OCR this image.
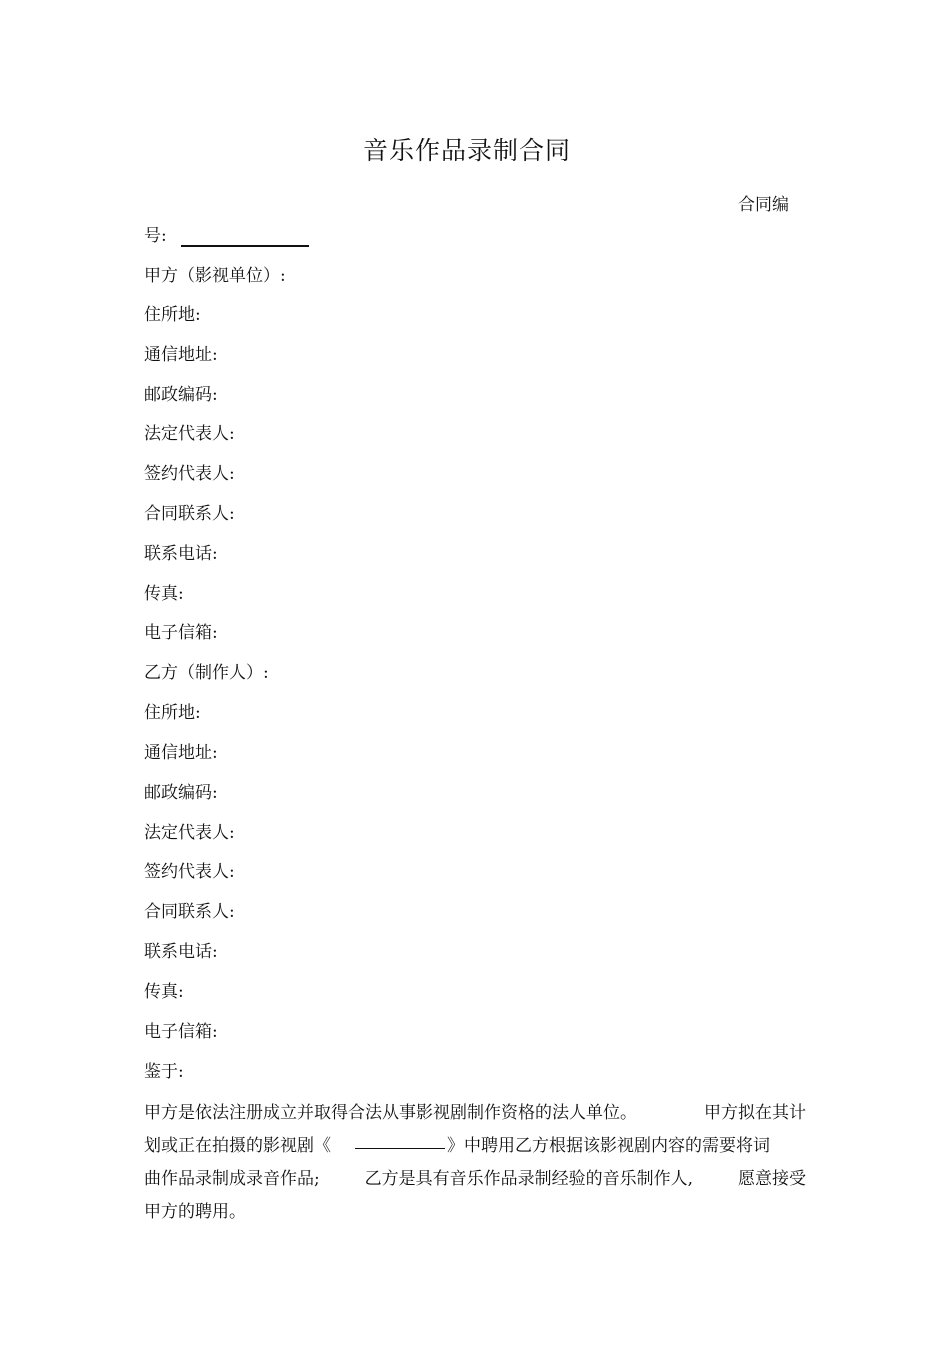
音乐作品录制合同
合同编
号:
甲方（影视单位）:
住所地:
通信地址:
邮政编码:
法定代表人:
签约代表人:
合同联系人:
联系电话:
传真:
电子信箱:
乙方（制作人）:
住所地:
通信地址:
邮政编码:
法定代表人:
签约代表人:
合同联系人:
联系电话:
传真:
电子信箱:
鉴于:
甲方是依法注册成立并取得合法从事影视剧制作资格的法人单位。	甲方拟在其计
划或正在拍摄的影视剧《	》中聘用乙方根据该影视剧内容的需要将词
曲作品录制成录音作品;	乙方是具有音乐作品录制经验的音乐制作人,	愿意接受
甲方的聘用。
